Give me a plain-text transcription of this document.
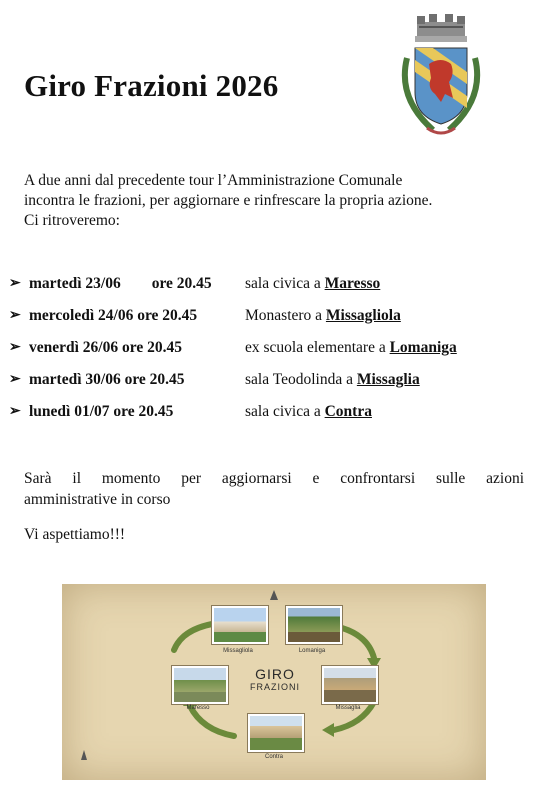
Giro Frazioni 2026
A due anni dal precedente tour l’Amministrazione Comunale
incontra le frazioni, per aggiornare e rinfrescare la propria azione.
Ci ritroveremo:
➢ martedì 23/06        ore 20.45 sala civica a Maresso
➢ mercoledì 24/06 ore 20.45	Monastero a Missagliola
➢ venerdì 26/06 ore 20.45	ex scuola elementare a Lomaniga
➢ martedì 30/06 ore 20.45	sala Teodolinda a Missaglia
➢ lunedì 01/07 ore 20.45	sala civica a Contra
Sarà il momento per aggiornarsi e confrontarsi sulle azioni
amministrative in corso
Vi aspettiamo!!!
Missagliola	Lomaniga
GIRO
FRAZIONI
Maresso	Missaglia
Contra
